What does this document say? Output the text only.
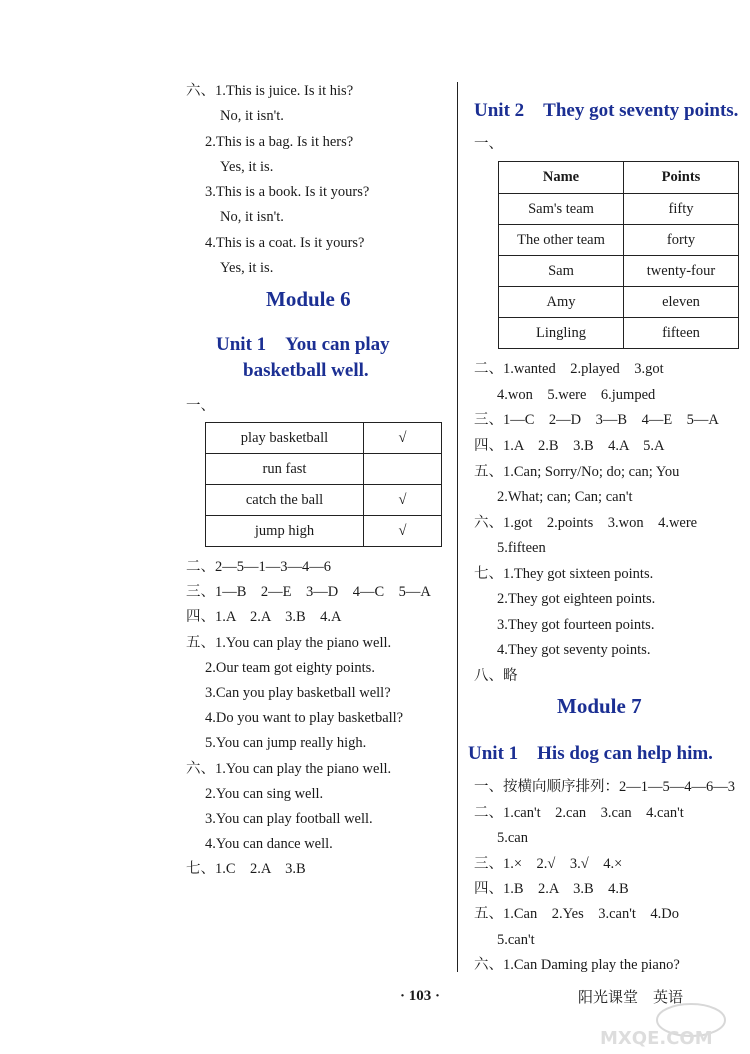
六、1.This is juice. Is it his?
No, it isn't.
2.This is a bag. Is it hers?
Yes, it is.
3.This is a book. Is it yours?
No, it isn't.
4.This is a coat. Is it yours?
Yes, it is.
Module 6
Unit 1　You can play
basketball well.
一、
play basketball	√
run fast	
catch the ball	√
jump high	√
二、2—5—1—3—4—6
三、1—B　2—E　3—D　4—C　5—A
四、1.A　2.A　3.B　4.A
五、1.You can play the piano well.
2.Our team got eighty points.
3.Can you play basketball well?
4.Do you want to play basketball?
5.You can jump really high.
六、1.You can play the piano well.
2.You can sing well.
3.You can play football well.
4.You can dance well.
七、1.C　2.A　3.B
Unit 2　They got seventy points.
一、
Name	Points
Sam's team	fifty
The other team	forty
Sam	twenty-four
Amy	eleven
Lingling	fifteen
二、1.wanted　2.played　3.got
4.won　5.were　6.jumped
三、1—C　2—D　3—B　4—E　5—A
四、1.A　2.B　3.B　4.A　5.A
五、1.Can; Sorry/No; do; can; You
2.What; can; Can; can't
六、1.got　2.points　3.won　4.were
5.fifteen
七、1.They got sixteen points.
2.They got eighteen points.
3.They got fourteen points.
4.They got seventy points.
八、略
Module 7
Unit 1　His dog can help him.
一、按横向顺序排列：2—1—5—4—6—3
二、1.can't　2.can　3.can　4.can't
5.can
三、1.×　2.√　3.√　4.×
四、1.B　2.A　3.B　4.B
五、1.Can　2.Yes　3.can't　4.Do
5.can't
六、1.Can Daming play the piano?
· 103 ·	阳光课堂　英语
MXQE.COM
